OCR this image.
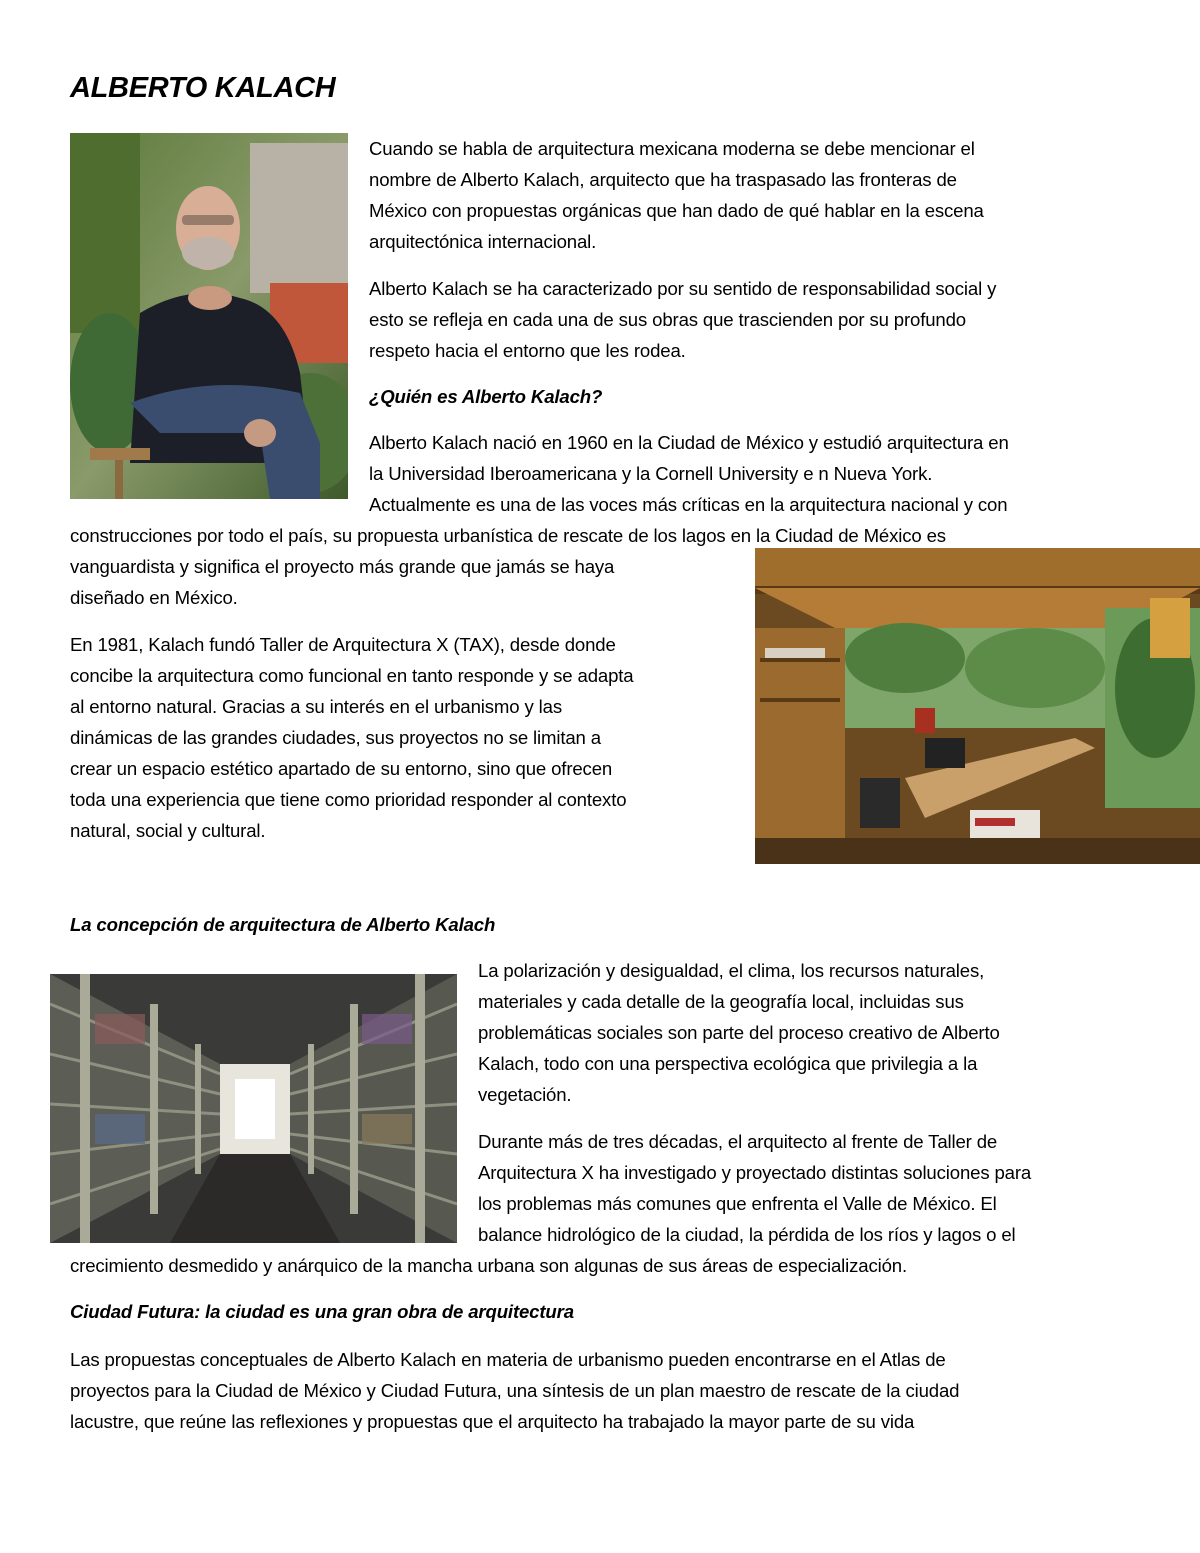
ALBERTO KALACH

Cuando se habla de arquitectura mexicana moderna se debe mencionar el
nombre de Alberto Kalach, arquitecto que ha traspasado las fronteras de
México con propuestas orgánicas que han dado de qué hablar en la escena
arquitectónica internacional.

Alberto Kalach se ha caracterizado por su sentido de responsabilidad social y
esto se refleja en cada una de sus obras que trascienden por su profundo
respeto hacia el entorno que les rodea.

¿Quién es Alberto Kalach?

Alberto Kalach nació en 1960 en la Ciudad de México y estudió arquitectura en
la Universidad Iberoamericana y la Cornell University e n Nueva York.
Actualmente es una de las voces más críticas en la arquitectura nacional y con

construcciones por todo el país, su propuesta urbanística de rescate de los lagos en la Ciudad de México es

vanguardista y significa el proyecto más grande que jamás se haya
diseñado en México.

En 1981, Kalach fundó Taller de Arquitectura X (TAX), desde donde
concibe la arquitectura como funcional en tanto responde y se adapta
al entorno natural. Gracias a su interés en el urbanismo y las
dinámicas de las grandes ciudades, sus proyectos no se limitan a
crear un espacio estético apartado de su entorno, sino que ofrecen
toda una experiencia que tiene como prioridad responder al contexto
natural, social y cultural.

La concepción de arquitectura de Alberto Kalach

La polarización y desigualdad, el clima, los recursos naturales,
materiales y cada detalle de la geografía local, incluidas sus
problemáticas sociales son parte del proceso creativo de Alberto
Kalach, todo con una perspectiva ecológica que privilegia a la
vegetación.

Durante más de tres décadas, el arquitecto al frente de Taller de
Arquitectura X ha investigado y proyectado distintas soluciones para
los problemas más comunes que enfrenta el Valle de México. El
balance hidrológico de la ciudad, la pérdida de los ríos y lagos o el

crecimiento desmedido y anárquico de la mancha urbana son algunas de sus áreas de especialización.

Ciudad Futura: la ciudad es una gran obra de arquitectura

Las propuestas conceptuales de Alberto Kalach en materia de urbanismo pueden encontrarse en el Atlas de
proyectos para la Ciudad de México y Ciudad Futura, una síntesis de un plan maestro de rescate de la ciudad
lacustre, que reúne las reflexiones y propuestas que el arquitecto ha trabajado la mayor parte de su vida
